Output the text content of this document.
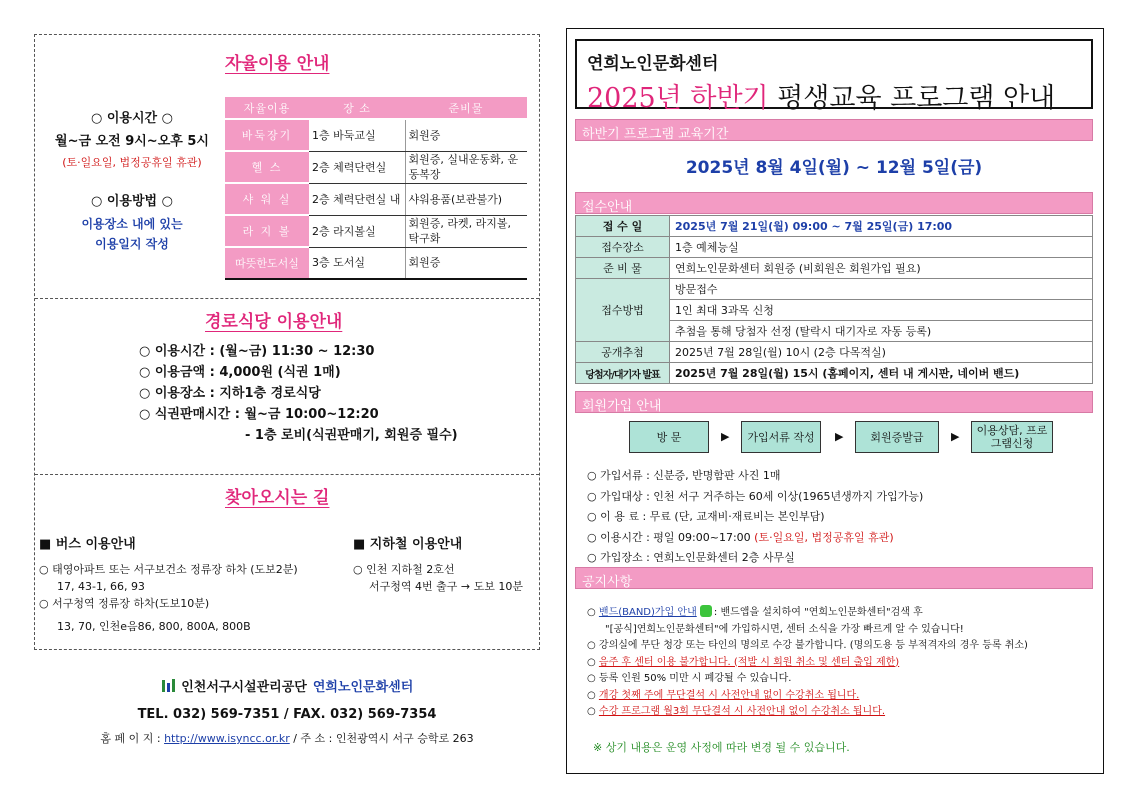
자율이용 안내
○ 이용시간 ○
월~금 오전 9시~오후 5시
(토·일요일, 법정공휴일 휴관)
○ 이용방법 ○
이용장소 내에 있는
이용일지 작성
자율이용	장 소	준비물
바둑장기	1층 바둑교실	회원증
헬 스	2층 체력단련실	회원증, 실내운동화, 운동복장
샤 워 실	2층 체력단련실 내	샤워용품(보관불가)
라 지 볼	2층 라지볼실	회원증, 라켓, 라지볼, 탁구화
따뜻한도서실	3층 도서실	회원증
경로식당 이용안내
○ 이용시간 : (월~금) 11:30 ~ 12:30
○ 이용금액 : 4,000원 (식권 1매)
○ 이용장소 : 지하1층 경로식당
○ 식권판매시간 : 월~금 10:00~12:20
- 1층 로비(식권판매기, 회원증 필수)
찾아오시는 길
■ 버스 이용안내
○ 태영아파트 또는 서구보건소 정류장 하차 (도보2분)
17, 43-1, 66, 93
○ 서구청역 정류장 하차(도보10분)
13, 70, 인천e음86, 800, 800A, 800B
■ 지하철 이용안내
○ 인천 지하철 2호선
서구청역 4번 출구 → 도보 10분
인천서구시설관리공단 연희노인문화센터
TEL. 032) 569-7351 / FAX. 032) 569-7354
홈 페 이 지 : http://www.isyncc.or.kr / 주 소 : 인천광역시 서구 승학로 263
연희노인문화센터
2025년 하반기 평생교육 프로그램 안내
하반기 프로그램 교육기간
2025년 8월 4일(월) ~ 12월 5일(금)
접수안내
접 수 일	2025년 7월 21일(월) 09:00 ~ 7월 25일(금) 17:00
접수장소	1층 예체능실
준 비 물	연희노인문화센터 회원증 (비회원은 회원가입 필요)
접수방법	방문접수
	1인 최대 3과목 신청
	추첨을 통해 당첨자 선정 (탈락시 대기자로 자동 등록)
공개추첨	2025년 7월 28일(월) 10시 (2층 다목적실)
당첨자/대기자 발표	2025년 7월 28일(월) 15시 (홈페이지, 센터 내 게시판, 네이버 밴드)
회원가입 안내
방 문	▶	가입서류 작성	▶	회원증발급	▶	이용상담, 프로그램신청
○ 가입서류 : 신분증, 반명함판 사진 1매
○ 가입대상 : 인천 서구 거주하는 60세 이상(1965년생까지 가입가능)
○ 이 용 료 : 무료 (단, 교재비·재료비는 본인부담)
○ 이용시간 : 평일 09:00~17:00 (토·일요일, 법정공휴일 휴관)
○ 가입장소 : 연희노인문화센터 2층 사무실
공지사항
○ 밴드(BAND)가입 안내 : 밴드앱을 설치하여 "연희노인문화센터"검색 후
"[공식]연희노인문화센터"에 가입하시면, 센터 소식을 가장 빠르게 알 수 있습니다!
○ 강의실에 무단 청강 또는 타인의 명의로 수강 불가합니다. (명의도용 등 부적격자의 경우 등록 취소)
○ 음주 후 센터 이용 불가합니다. (적발 시 회원 취소 및 센터 출입 제한)
○ 등록 인원 50% 미만 시 폐강될 수 있습니다.
○ 개강 첫째 주에 무단결석 시 사전안내 없이 수강취소 됩니다.
○ 수강 프로그램 월3회 무단결석 시 사전안내 없이 수강취소 됩니다.
※ 상기 내용은 운영 사정에 따라 변경 될 수 있습니다.
